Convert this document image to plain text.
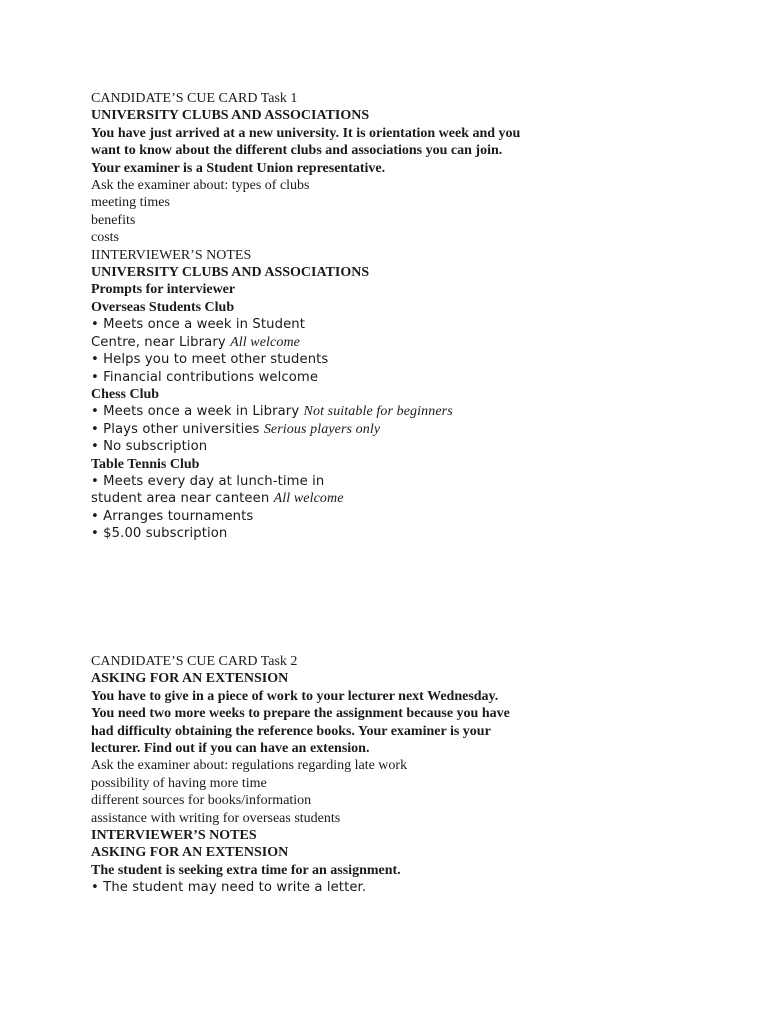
CANDIDATE’S CUE CARD Task 1

UNIVERSITY CLUBS AND ASSOCIATIONS

You have just arrived at a new university. It is orientation week and you

want to know about the different clubs and associations you can join.

Your examiner is a Student Union representative.

Ask the examiner about: types of clubs

meeting times

benefits

costs

IINTERVIEWER’S NOTES

UNIVERSITY CLUBS AND ASSOCIATIONS

Prompts for interviewer

Overseas Students Club

• Meets once a week in Student

Centre, near Library All welcome

• Helps you to meet other students

• Financial contributions welcome

Chess Club

• Meets once a week in Library Not suitable for beginners

• Plays other universities Serious players only

• No subscription

Table Tennis Club

• Meets every day at lunch-time in

student area near canteen All welcome

• Arranges tournaments

• $5.00 subscription

CANDIDATE’S CUE CARD Task 2

ASKING FOR AN EXTENSION

You have to give in a piece of work to your lecturer next Wednesday.

You need two more weeks to prepare the assignment because you have

had difficulty obtaining the reference books. Your examiner is your

lecturer. Find out if you can have an extension.

Ask the examiner about: regulations regarding late work

possibility of having more time

different sources for books/information

assistance with writing for overseas students

INTERVIEWER’S NOTES

ASKING FOR AN EXTENSION

The student is seeking extra time for an assignment.

• The student may need to write a letter.
